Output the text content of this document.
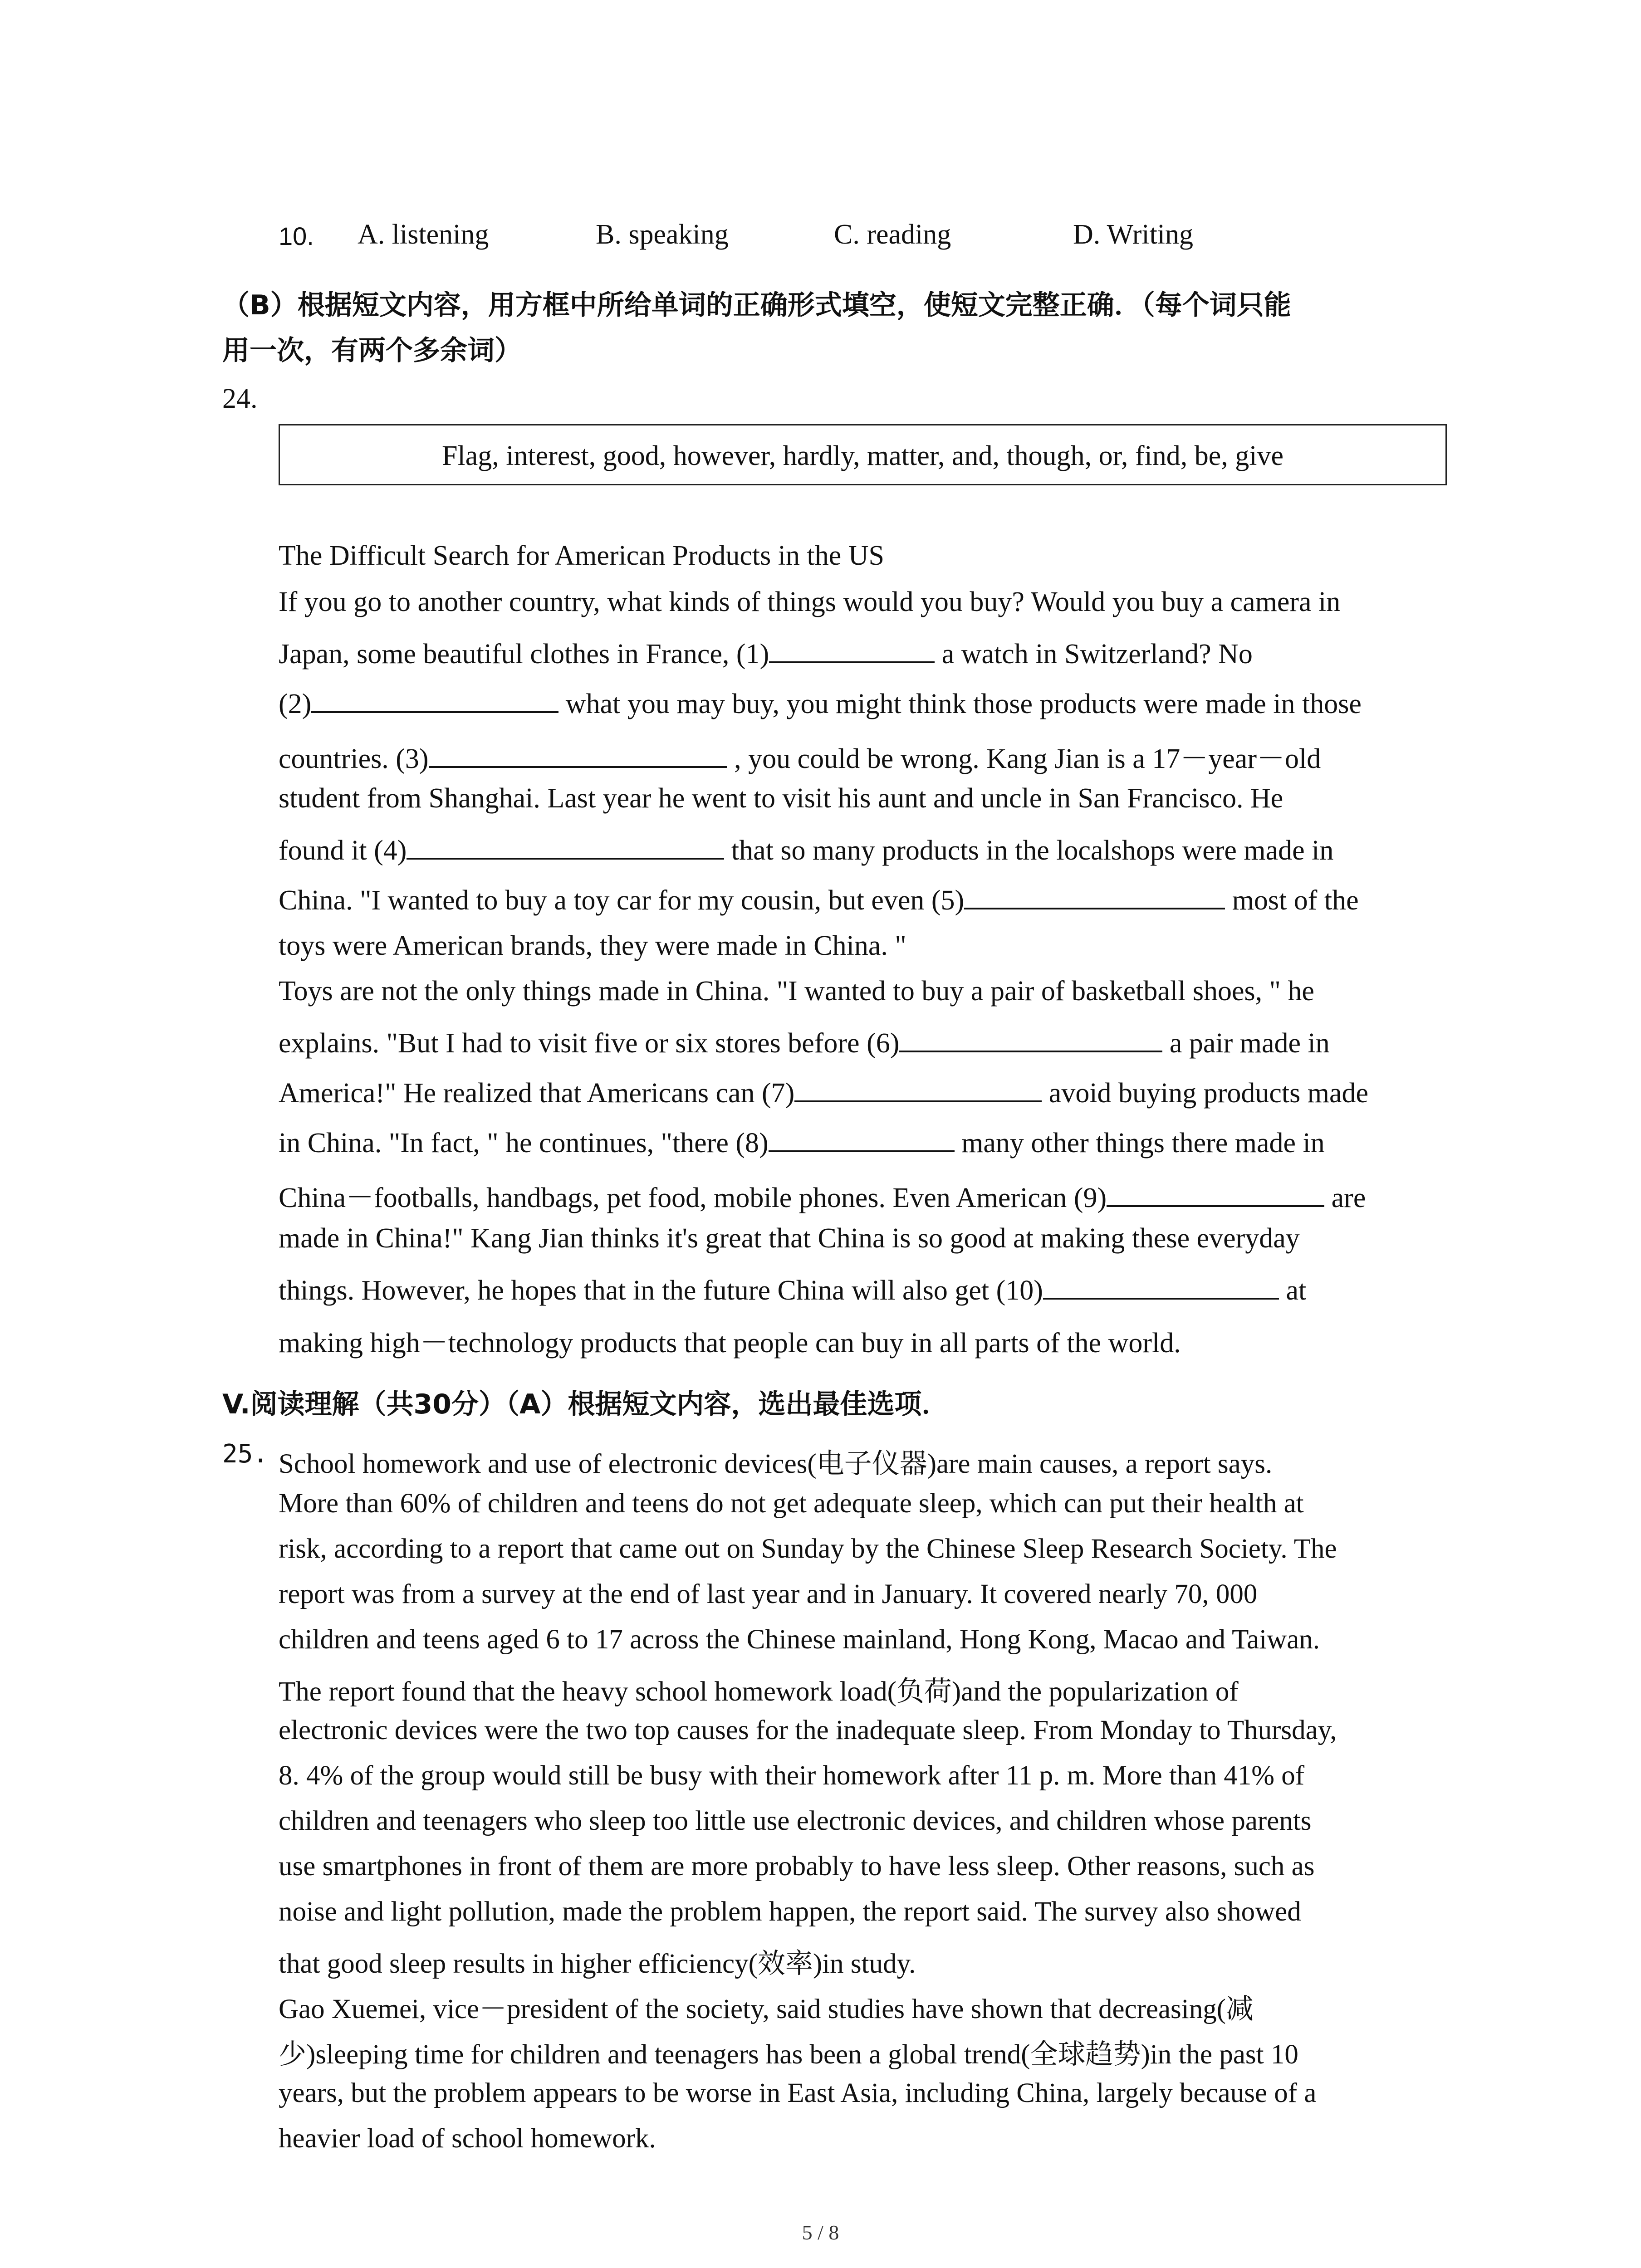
10. A. listening	B. speaking	C. reading	D. Writing
（B）根据短文内容，用方框中所给单词的正确形式填空，使短文完整正确．（每个词只能
用一次，有两个多余词）
24.
Flag, interest, good, however, hardly, matter, and, though, or, find, be, give
The Difficult Search for American Products in the US
If you go to another country, what kinds of things would you buy? Would you buy a camera in
Japan, some beautiful clothes in France, (1)	a watch in Switzerland? No
(2)	what you may buy, you might think those products were made in those
countries. (3)	, you could be wrong. Kang Jian is a 17－year－old
student from Shanghai. Last year he went to visit his aunt and uncle in San Francisco. He
found it (4)	that so many products in the localshops were made in
China. "I wanted to buy a toy car for my cousin, but even (5)	most of the
toys were American brands, they were made in China. "
Toys are not the only things made in China. "I wanted to buy a pair of basketball shoes, " he
explains. "But I had to visit five or six stores before (6)	a pair made in
America!" He realized that Americans can (7)	avoid buying products made
in China. "In fact, " he continues, "there (8)	many other things there made in
China－footballs, handbags, pet food, mobile phones. Even American (9)	are
made in China!" Kang Jian thinks it's great that China is so good at making these everyday
things. However, he hopes that in the future China will also get (10)	at
making high－technology products that people can buy in all parts of the world.
V.阅读理解（共30分）（A）根据短文内容，选出最佳选项．
25. School homework and use of electronic devices(电子仪器)are main causes, a report says.
More than 60% of children and teens do not get adequate sleep, which can put their health at
risk, according to a report that came out on Sunday by the Chinese Sleep Research Society. The
report was from a survey at the end of last year and in January. It covered nearly 70, 000
children and teens aged 6 to 17 across the Chinese mainland, Hong Kong, Macao and Taiwan.
The report found that the heavy school homework load(负荷)and the popularization of
electronic devices were the two top causes for the inadequate sleep. From Monday to Thursday,
8. 4% of the group would still be busy with their homework after 11 p. m. More than 41% of
children and teenagers who sleep too little use electronic devices, and children whose parents
use smartphones in front of them are more probably to have less sleep. Other reasons, such as
noise and light pollution, made the problem happen, the report said. The survey also showed
that good sleep results in higher efficiency(效率)in study.
Gao Xuemei, vice－president of the society, said studies have shown that decreasing(减
少)sleeping time for children and teenagers has been a global trend(全球趋势)in the past 10
years, but the problem appears to be worse in East Asia, including China, largely because of a
heavier load of school homework.
5 / 8
